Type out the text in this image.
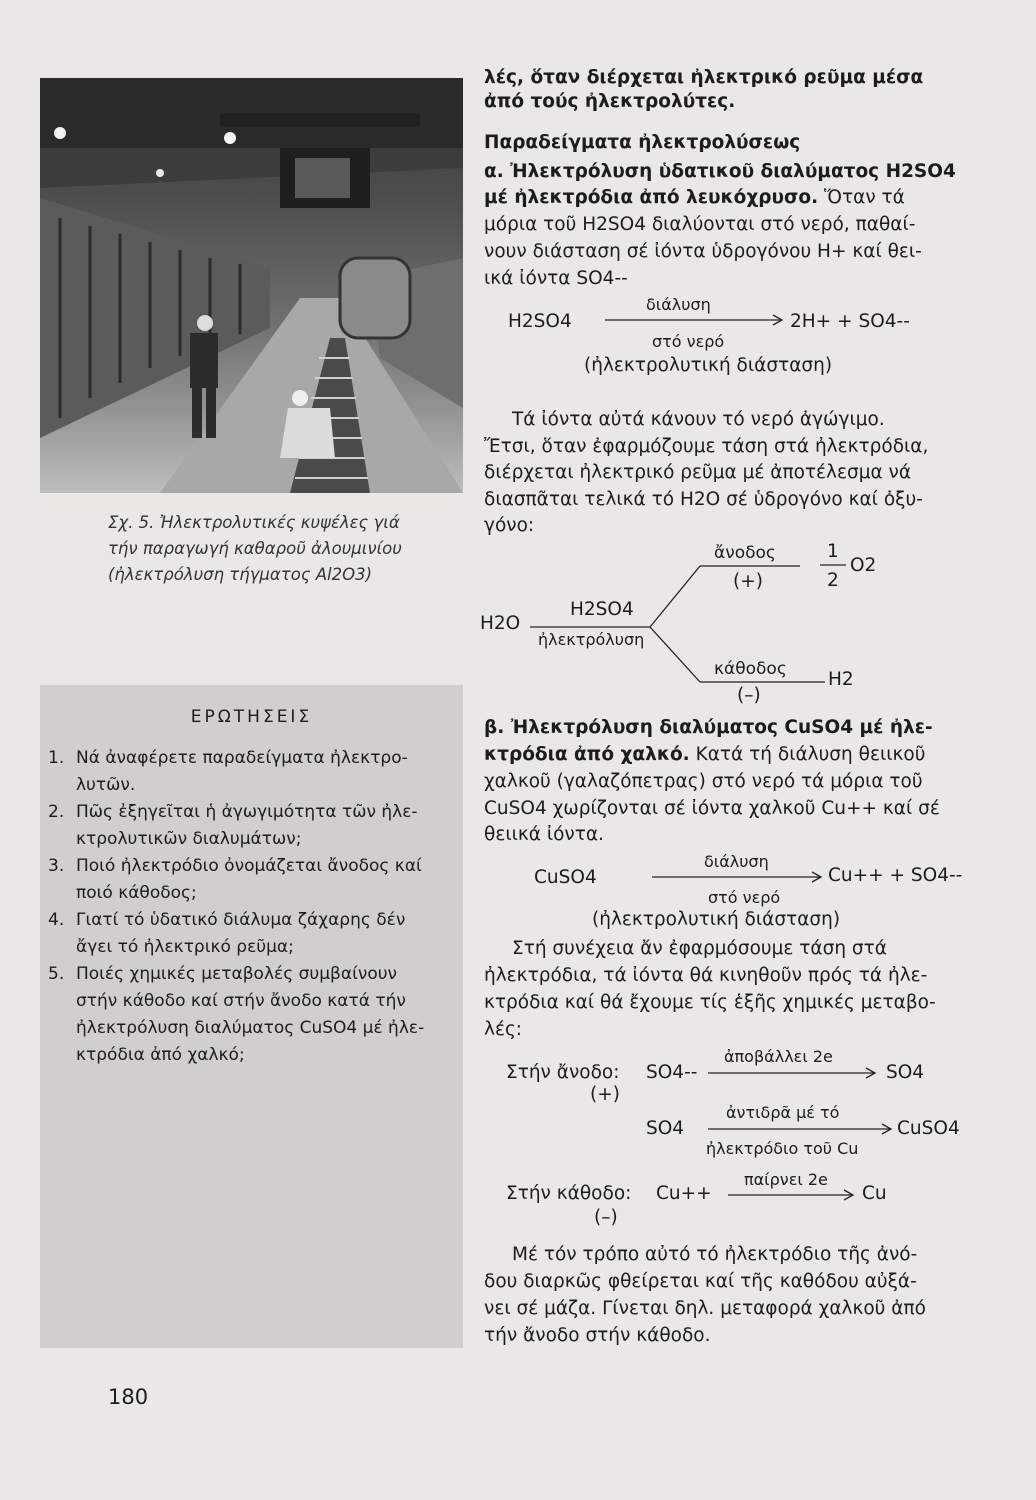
Σχ. 5. Ἠλεκτρολυτικές κυψέλες γιά
τήν παραγωγή καθαροῦ ἀλουμινίου
(ἠλεκτρόλυση τήγματος Al2O3)
ΕΡΩΤΗΣΕΙΣ
1. Νά ἀναφέρετε παραδείγματα ἠλεκτρο-
λυτῶν.
2. Πῶς ἐξηγεῖται ἡ ἀγωγιμότητα τῶν ἠλε-
κτρολυτικῶν διαλυμάτων;
3. Ποιό ἠλεκτρόδιο ὀνομάζεται ἄνοδος καί
ποιό κάθοδος;
4. Γιατί τό ὑδατικό διάλυμα ζάχαρης δέν
ἄγει τό ἠλεκτρικό ρεῦμα;
5. Ποιές χημικές μεταβολές συμβαίνουν
στήν κάθοδο καί στήν ἄνοδο κατά τήν
ἠλεκτρόλυση διαλύματος CuSO4 μέ ἠλε-
κτρόδια ἀπό χαλκό;
180
λές, ὅταν διέρχεται ἠλεκτρικό ρεῦμα μέσα
ἀπό τούς ἠλεκτρολύτες.
Παραδείγματα ἠλεκτρολύσεως
α. Ἠλεκτρόλυση ὑδατικοῦ διαλύματος H2SO4
μέ ἠλεκτρόδια ἀπό λευκόχρυσο. Ὅταν τά
μόρια τοῦ H2SO4 διαλύονται στό νερό, παθαί-
νουν διάσταση σέ ἰόντα ὑδρογόνου H+ καί θει-
ικά ἰόντα SO4--
H2SO4
διάλυση
στό νερό
2H+ + SO4--
(ἠλεκτρολυτική διάσταση)
Τά ἰόντα αὐτά κάνουν τό νερό ἀγώγιμο.
Ἔτσι, ὅταν ἐφαρμόζουμε τάση στά ἠλεκτρόδια,
διέρχεται ἠλεκτρικό ρεῦμα μέ ἀποτέλεσμα νά
διασπᾶται τελικά τό H2O σέ ὑδρογόνο καί ὀξυ-
γόνο:
H2O
H2SO4
ἠλεκτρόλυση
ἄνοδος
(+)
1
2
O2
κάθοδος
(–)
H2
β. Ἠλεκτρόλυση διαλύματος CuSO4 μέ ἠλε-
κτρόδια ἀπό χαλκό. Κατά τή διάλυση θειικοῦ
χαλκοῦ (γαλαζόπετρας) στό νερό τά μόρια τοῦ
CuSO4 χωρίζονται σέ ἰόντα χαλκοῦ Cu++ καί σέ
θειικά ἰόντα.
CuSO4
διάλυση
στό νερό
Cu++ + SO4--
(ἠλεκτρολυτική διάσταση)
Στή συνέχεια ἄν ἐφαρμόσουμε τάση στά
ἠλεκτρόδια, τά ἰόντα θά κινηθοῦν πρός τά ἠλε-
κτρόδια καί θά ἔχουμε τίς ἑξῆς χημικές μεταβο-
λές:
Στήν ἄνοδο: SO4--
(+)
ἀποβάλλει 2e
SO4
SO4
ἀντιδρᾶ μέ τό
ἠλεκτρόδιο τοῦ Cu
CuSO4
Στήν κάθοδο: Cu++
(–)
παίρνει 2e
Cu
Μέ τόν τρόπο αὐτό τό ἠλεκτρόδιο τῆς ἀνό-
δου διαρκῶς φθείρεται καί τῆς καθόδου αὐξά-
νει σέ μάζα. Γίνεται δηλ. μεταφορά χαλκοῦ ἀπό
τήν ἄνοδο στήν κάθοδο.
